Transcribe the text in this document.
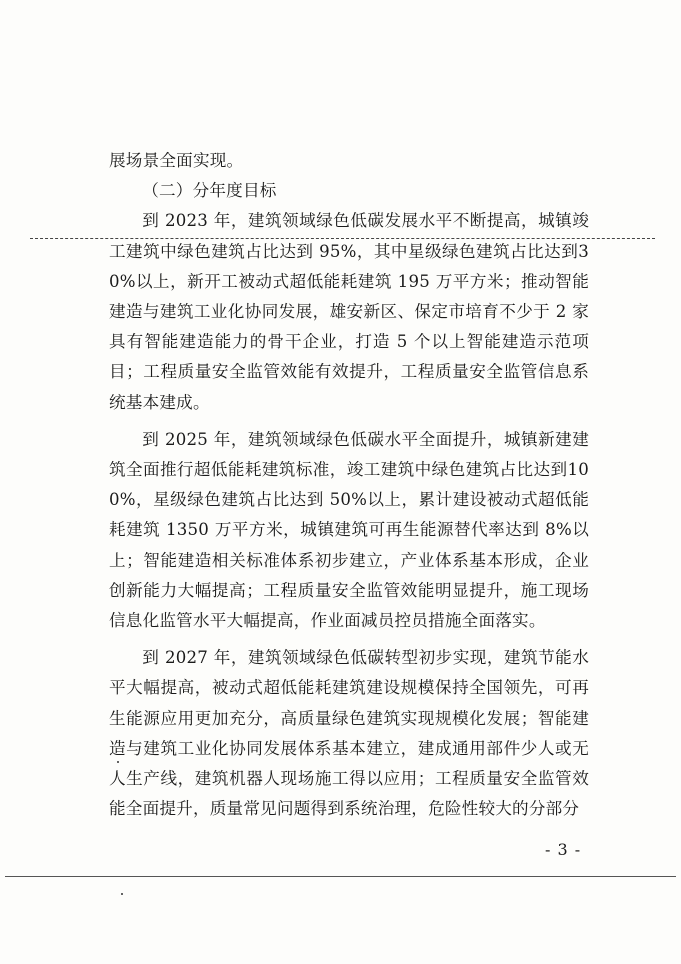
展场景全面实现。

（二）分年度目标

到 2023 年，建筑领域绿色低碳发展水平不断提高，城镇竣工建筑中绿色建筑占比达到 95%，其中星级绿色建筑占比达到30%以上，新开工被动式超低能耗建筑 195 万平方米；推动智能建造与建筑工业化协同发展，雄安新区、保定市培育不少于 2 家具有智能建造能力的骨干企业，打造 5 个以上智能建造示范项目；工程质量安全监管效能有效提升，工程质量安全监管信息系统基本建成。

到 2025 年，建筑领域绿色低碳水平全面提升，城镇新建建筑全面推行超低能耗建筑标准，竣工建筑中绿色建筑占比达到100%，星级绿色建筑占比达到 50%以上，累计建设被动式超低能耗建筑 1350 万平方米，城镇建筑可再生能源替代率达到 8%以上；智能建造相关标准体系初步建立，产业体系基本形成，企业创新能力大幅提高；工程质量安全监管效能明显提升，施工现场信息化监管水平大幅提高，作业面减员控员措施全面落实。

到 2027 年，建筑领域绿色低碳转型初步实现，建筑节能水平大幅提高，被动式超低能耗建筑建设规模保持全国领先，可再生能源应用更加充分，高质量绿色建筑实现规模化发展；智能建造与建筑工业化协同发展体系基本建立，建成通用部件少人或无人生产线，建筑机器人现场施工得以应用；工程质量安全监管效能全面提升，质量常见问题得到系统治理，危险性较大的分部分

- 3 -
